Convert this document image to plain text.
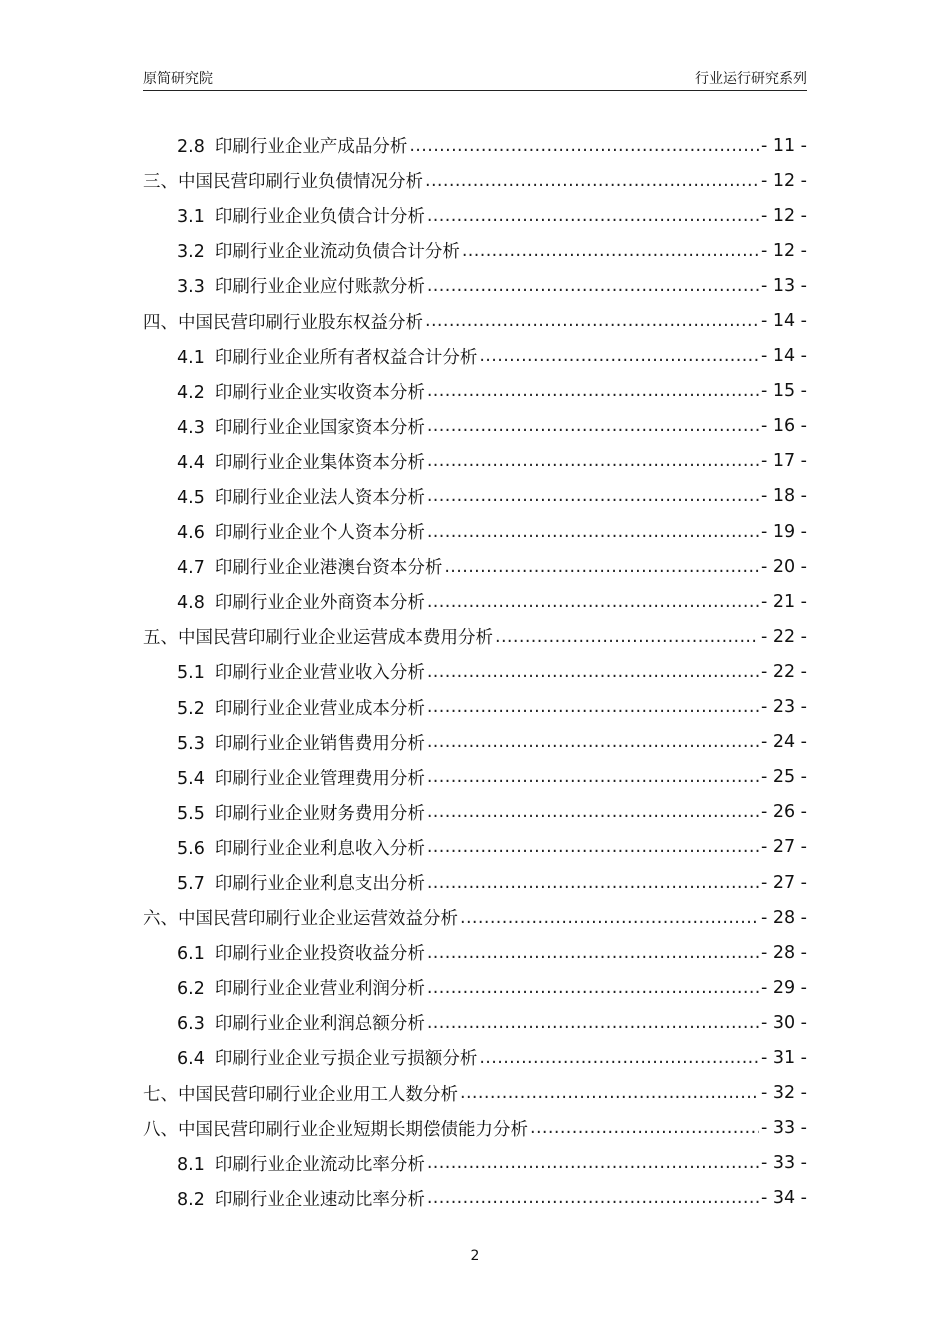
原简研究院	行业运行研究系列
2.8 印刷行业企业产成品分析 .....	- 11 -
三、中国民营印刷行业负债情况分析 .....	- 12 -
3.1 印刷行业企业负债合计分析 .....	- 12 -
3.2 印刷行业企业流动负债合计分析 .....	- 12 -
3.3 印刷行业企业应付账款分析 .....	- 13 -
四、中国民营印刷行业股东权益分析 .....	- 14 -
4.1 印刷行业企业所有者权益合计分析 .....	- 14 -
4.2 印刷行业企业实收资本分析 .....	- 15 -
4.3 印刷行业企业国家资本分析 .....	- 16 -
4.4 印刷行业企业集体资本分析 .....	- 17 -
4.5 印刷行业企业法人资本分析 .....	- 18 -
4.6 印刷行业企业个人资本分析 .....	- 19 -
4.7 印刷行业企业港澳台资本分析 .....	- 20 -
4.8 印刷行业企业外商资本分析 .....	- 21 -
五、中国民营印刷行业企业运营成本费用分析 .....	- 22 -
5.1 印刷行业企业营业收入分析 .....	- 22 -
5.2 印刷行业企业营业成本分析 .....	- 23 -
5.3 印刷行业企业销售费用分析 .....	- 24 -
5.4 印刷行业企业管理费用分析 .....	- 25 -
5.5 印刷行业企业财务费用分析 .....	- 26 -
5.6 印刷行业企业利息收入分析 .....	- 27 -
5.7 印刷行业企业利息支出分析 .....	- 27 -
六、中国民营印刷行业企业运营效益分析 .....	- 28 -
6.1 印刷行业企业投资收益分析 .....	- 28 -
6.2 印刷行业企业营业利润分析 .....	- 29 -
6.3 印刷行业企业利润总额分析 .....	- 30 -
6.4 印刷行业企业亏损企业亏损额分析 .....	- 31 -
七、中国民营印刷行业企业用工人数分析 .....	- 32 -
八、中国民营印刷行业企业短期长期偿债能力分析 .....	- 33 -
8.1 印刷行业企业流动比率分析 .....	- 33 -
8.2 印刷行业企业速动比率分析 .....	- 34 -
2
